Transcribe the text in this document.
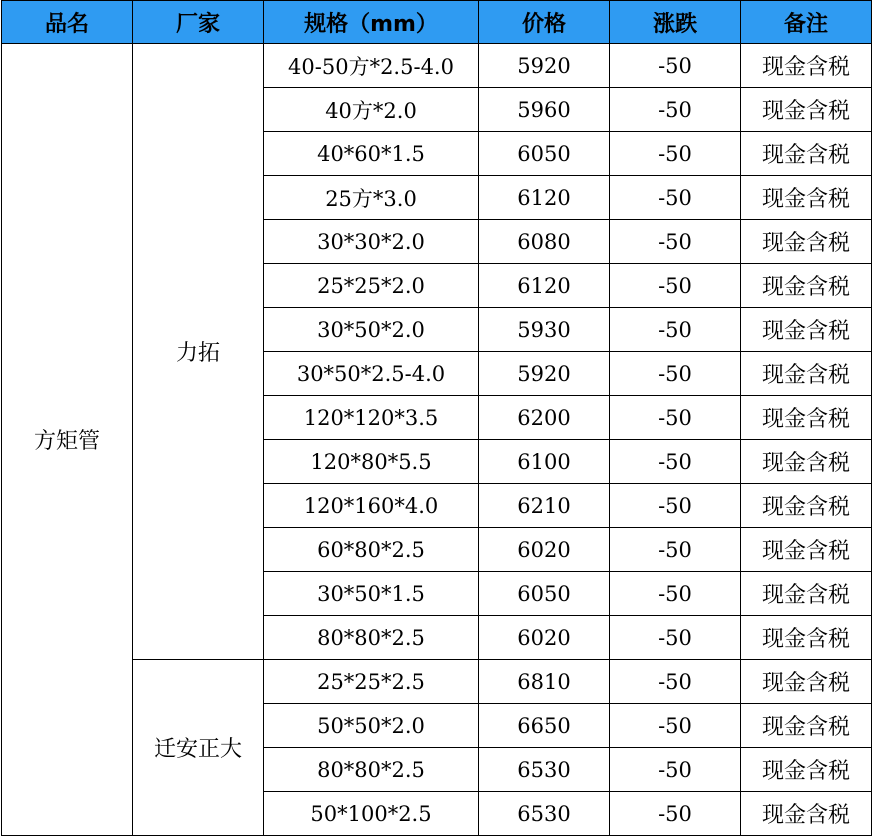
品名	厂家	规格（mm）	价格	涨跌	备注
方矩管	力拓	40-50方*2.5-4.0	5920	-50	现金含税
		40方*2.0	5960	-50	现金含税
		40*60*1.5	6050	-50	现金含税
		25方*3.0	6120	-50	现金含税
		30*30*2.0	6080	-50	现金含税
		25*25*2.0	6120	-50	现金含税
		30*50*2.0	5930	-50	现金含税
		30*50*2.5-4.0	5920	-50	现金含税
		120*120*3.5	6200	-50	现金含税
		120*80*5.5	6100	-50	现金含税
		120*160*4.0	6210	-50	现金含税
		60*80*2.5	6020	-50	现金含税
		30*50*1.5	6050	-50	现金含税
		80*80*2.5	6020	-50	现金含税
	迁安正大	25*25*2.5	6810	-50	现金含税
		50*50*2.0	6650	-50	现金含税
		80*80*2.5	6530	-50	现金含税
		50*100*2.5	6530	-50	现金含税
